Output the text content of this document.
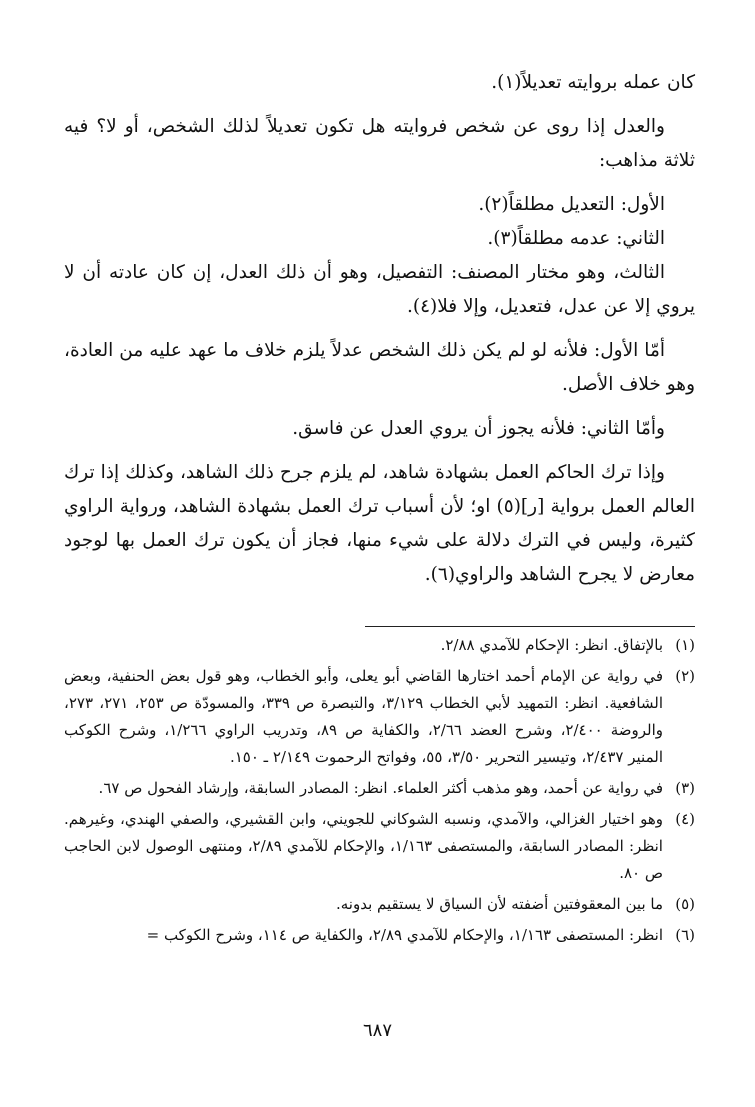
كان عمله بروايته تعديلاً(١).

والعدل إذا روى عن شخص فروايته هل تكون تعديلاً لذلك الشخص، أو لا؟ فيه ثلاثة مذاهب:

الأول: التعديل مطلقاً(٢).

الثاني: عدمه مطلقاً(٣).

الثالث، وهو مختار المصنف: التفصيل، وهو أن ذلك العدل، إن كان عادته أن لا يروي إلا عن عدل، فتعديل، وإلا فلا(٤).

أمّا الأول: فلأنه لو لم يكن ذلك الشخص عدلاً يلزم خلاف ما عهد عليه من العادة، وهو خلاف الأصل.

وأمّا الثاني: فلأنه يجوز أن يروي العدل عن فاسق.

وإذا ترك الحاكم العمل بشهادة شاهد، لم يلزم جرح ذلك الشاهد، وكذلك إذا ترك العالم العمل برواية [ر](٥) او؛ لأن أسباب ترك العمل بشهادة الشاهد، ورواية الراوي كثيرة، وليس في الترك دلالة على شيء منها، فجاز أن يكون ترك العمل بها لوجود معارض لا يجرح الشاهد والراوي(٦).

(١)
بالإتفاق. انظر: الإحكام للآمدي ٢/٨٨.
(٢)
في رواية عن الإمام أحمد اختارها القاضي أبو يعلى، وأبو الخطاب، وهو قول بعض الحنفية، وبعض الشافعية. انظر: التمهيد لأبي الخطاب ٣/١٢٩، والتبصرة ص ٣٣٩، والمسودّة ص ٢٥٣، ٢٧١، ٢٧٣، والروضة ٢/٤٠٠، وشرح العضد ٢/٦٦، والكفاية ص ٨٩، وتدريب الراوي ١/٢٦٦، وشرح الكوكب المنير ٢/٤٣٧، وتيسير التحرير ٣/٥٠، ٥٥، وفواتح الرحموت ٢/١٤٩ ـ ١٥٠.
(٣)
في رواية عن أحمد، وهو مذهب أكثر العلماء. انظر: المصادر السابقة، وإرشاد الفحول ص ٦٧.
(٤)
وهو اختيار الغزالي، والآمدي، ونسبه الشوكاني للجويني، وابن القشيري، والصفي الهندي، وغيرهم. انظر: المصادر السابقة، والمستصفى ١/١٦٣، والإحكام للآمدي ٢/٨٩، ومنتهى الوصول لابن الحاجب ص ٨٠.
(٥)
ما بين المعقوفتين أضفته لأن السياق لا يستقيم بدونه.
(٦)
انظر: المستصفى ١/١٦٣، والإحكام للآمدي ٢/٨٩، والكفاية ص ١١٤، وشرح الكوكب =
٦٨٧
